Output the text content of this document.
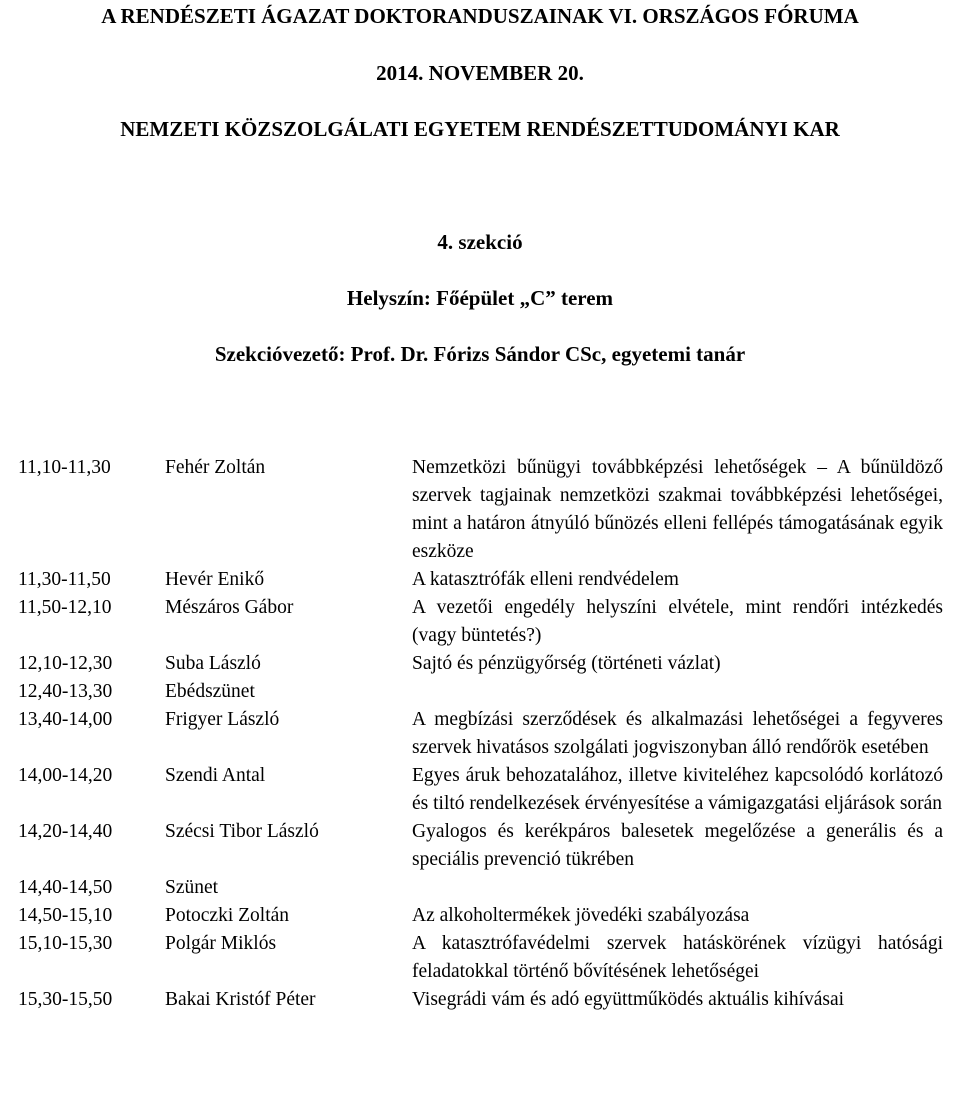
A RENDÉSZETI ÁGAZAT DOKTORANDUSZAINAK VI. ORSZÁGOS FÓRUMA
2014. NOVEMBER 20.
NEMZETI KÖZSZOLGÁLATI EGYETEM RENDÉSZETTUDOMÁNYI KAR
4. szekció
Helyszín: Főépület „C” terem
Szekcióvezető: Prof. Dr. Fórizs Sándor CSc, egyetemi tanár
11,10-11,30	Fehér Zoltán	Nemzetközi bűnügyi továbbképzési lehetőségek – A bűnüldöző szervek tagjainak nemzetközi szakmai továbbképzési lehetőségei, mint a határon átnyúló bűnözés elleni fellépés támogatásának egyik eszköze
11,30-11,50	Hevér Enikő	A katasztrófák elleni rendvédelem
11,50-12,10	Mészáros Gábor	A vezetői engedély helyszíni elvétele, mint rendőri intézkedés (vagy büntetés?)
12,10-12,30	Suba László	Sajtó és pénzügyőrség (történeti vázlat)
12,40-13,30	Ebédszünet
13,40-14,00	Frigyer László	A megbízási szerződések és alkalmazási lehetőségei a fegyveres szervek hivatásos szolgálati jogviszonyban álló rendőrök esetében
14,00-14,20	Szendi Antal	Egyes áruk behozatalához, illetve kiviteléhez kapcsolódó korlátozó és tiltó rendelkezések érvényesítése a vámigazgatási eljárások során
14,20-14,40	Szécsi Tibor László	Gyalogos és kerékpáros balesetek megelőzése a generális és a speciális prevenció tükrében
14,40-14,50	Szünet
14,50-15,10	Potoczki Zoltán	Az alkoholtermékek jövedéki szabályozása
15,10-15,30	Polgár Miklós	A katasztrófavédelmi szervek hatáskörének vízügyi hatósági feladatokkal történő bővítésének lehetőségei
15,30-15,50	Bakai Kristóf Péter	Visegrádi vám és adó együttműködés aktuális kihívásai
